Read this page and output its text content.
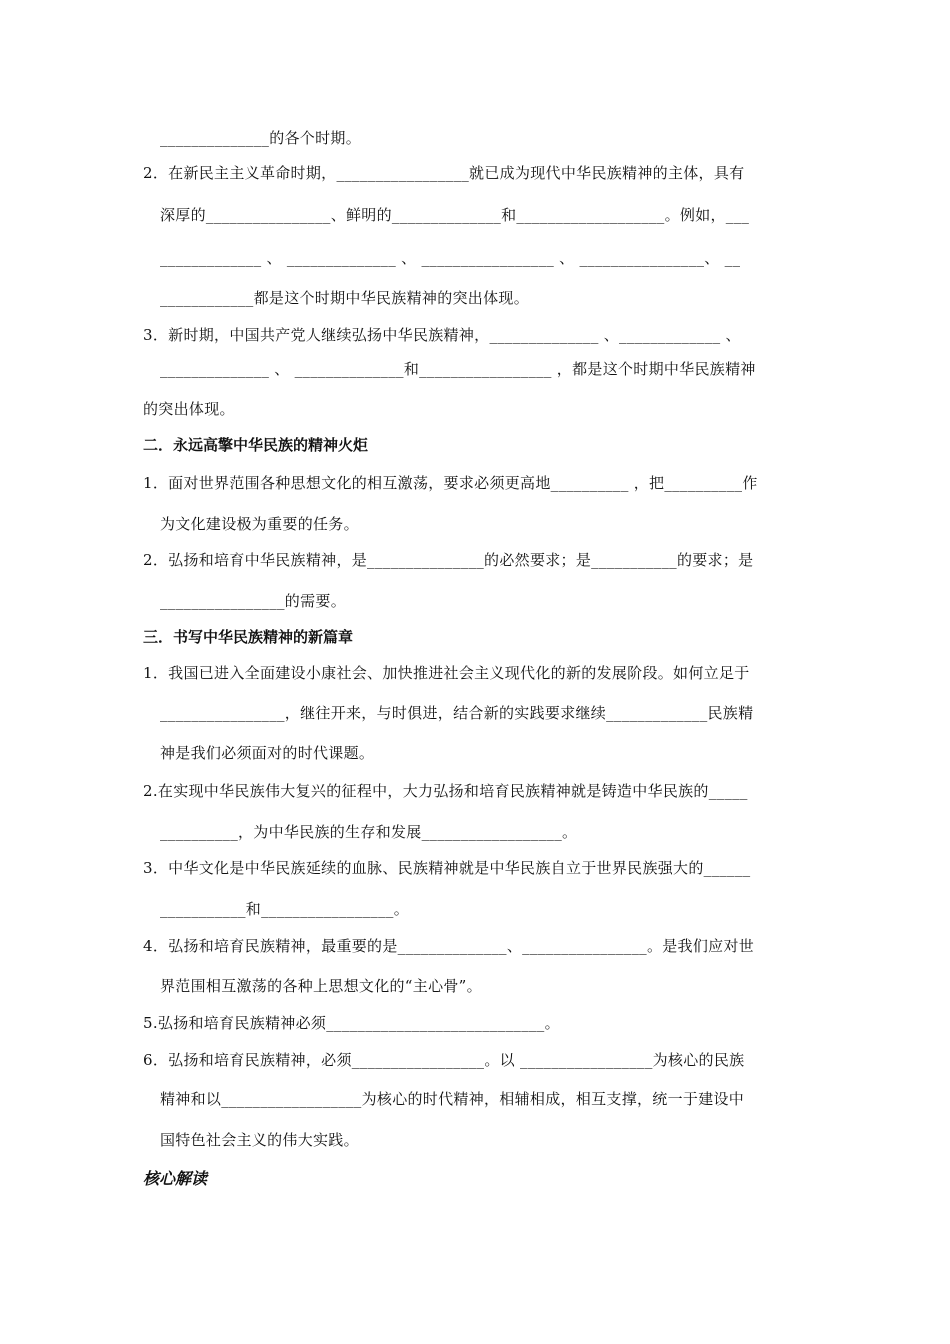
______________的各个时期。
2．在新民主主义革命时期，_________________就已成为现代中华民族精神的主体，具有
深厚的________________、鲜明的______________和___________________。例如，___
_____________ 、 ______________ 、 _________________ 、 ________________、 __
____________都是这个时期中华民族精神的突出体现。
3．新时期，中国共产党人继续弘扬中华民族精神，______________ 、_____________ 、
______________ 、 ______________和_________________ ，都是这个时期中华民族精神
的突出体现。
二．永远高擎中华民族的精神火炬
1．面对世界范围各种思想文化的相互激荡，要求必须更高地__________ ，把__________作
为文化建设极为重要的任务。
2．弘扬和培育中华民族精神，是_______________的必然要求；是___________的要求；是
________________的需要。
三．书写中华民族精神的新篇章
1．我国已进入全面建设小康社会、加快推进社会主义现代化的新的发展阶段。如何立足于
________________，继往开来，与时俱进，结合新的实践要求继续_____________民族精
神是我们必须面对的时代课题。
2.在实现中华民族伟大复兴的征程中，大力弘扬和培育民族精神就是铸造中华民族的_____
__________，为中华民族的生存和发展__________________。
3．中华文化是中华民族延续的血脉、民族精神就是中华民族自立于世界民族强大的______
___________和_________________。
4．弘扬和培育民族精神，最重要的是______________、________________。是我们应对世
界范围相互激荡的各种上思想文化的“主心骨”。
5.弘扬和培育民族精神必须____________________________。
6．弘扬和培育民族精神，必须_________________。以 _________________为核心的民族
精神和以__________________为核心的时代精神，相辅相成，相互支撑，统一于建设中
国特色社会主义的伟大实践。
核心解读
